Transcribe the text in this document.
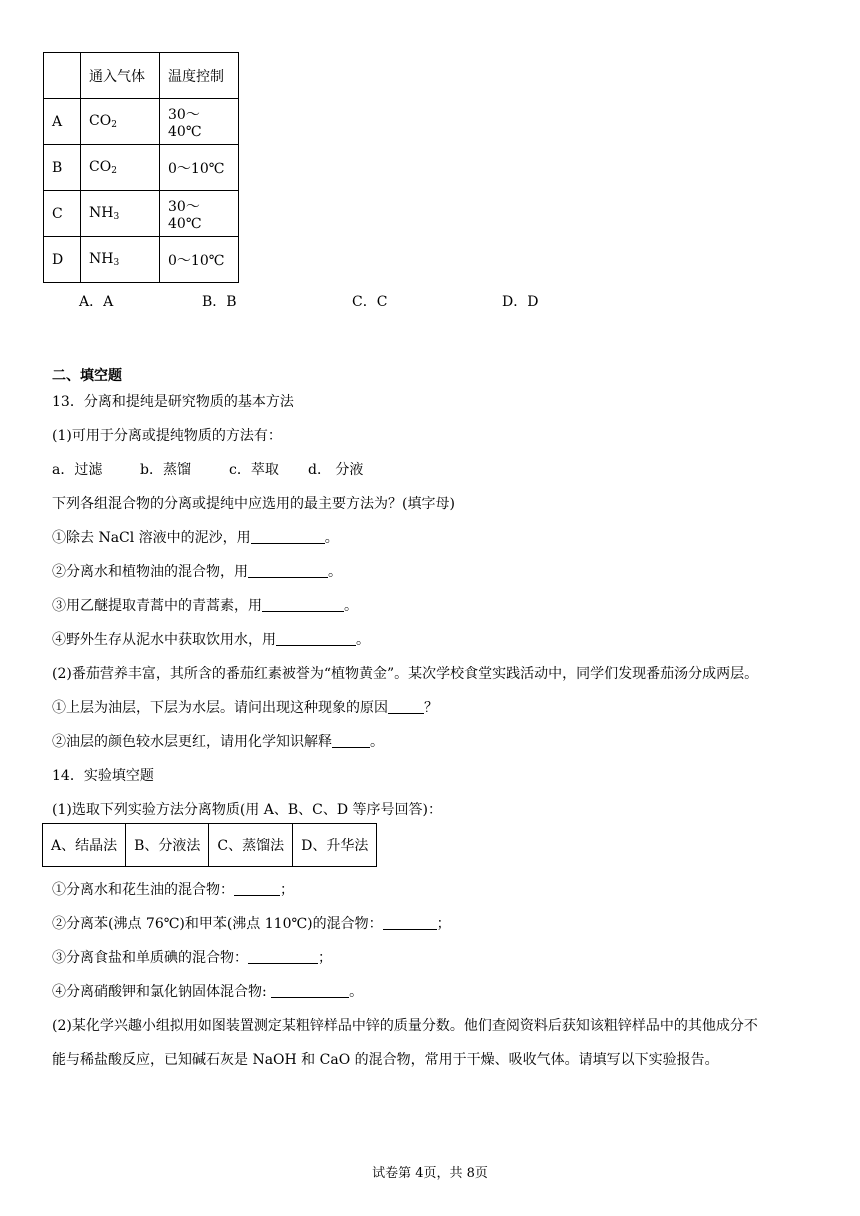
	通入气体	温度控制
A	$CO_2$	30～40℃
B	$CO_2$	0～10℃
C	$NH_3$	30～40℃
D	$NH_3$	0～10℃
A．A	B．B	C．C	D．D
二、填空题
13．分离和提纯是研究物质的基本方法
(1)可用于分离或提纯物质的方法有：
a．过滤	b．蒸馏	c．萃取 d． 分液
下列各组混合物的分离或提纯中应选用的最主要方法为？(填字母)
①除去 NaCl 溶液中的泥沙，用	。
②分离水和植物油的混合物，用	。
③用乙醚提取青蒿中的青蒿素，用	。
④野外生存从泥水中获取饮用水，用	。
(2)番茄营养丰富，其所含的番茄红素被誉为“植物黄金”。某次学校食堂实践活动中，同学们发现番茄汤分成两层。
①上层为油层，下层为水层。请问出现这种现象的原因	？
②油层的颜色较水层更红，请用化学知识解释	。
14．实验填空题
(1)选取下列实验方法分离物质(用 A、B、C、D 等序号回答)：
A、结晶法	B、分液法	C、蒸馏法	D、升华法
①分离水和花生油的混合物：	；
②分离苯(沸点 76℃)和甲苯(沸点 110℃)的混合物：	；
③分离食盐和单质碘的混合物：	；
④分离硝酸钾和氯化钠固体混合物:	。
(2)某化学兴趣小组拟用如图装置测定某粗锌样品中锌的质量分数。他们查阅资料后获知该粗锌样品中的其他成分不
能与稀盐酸反应，已知碱石灰是 NaOH 和 CaO 的混合物，常用于干燥、吸收气体。请填写以下实验报告。
试卷第 4页，共 8页
